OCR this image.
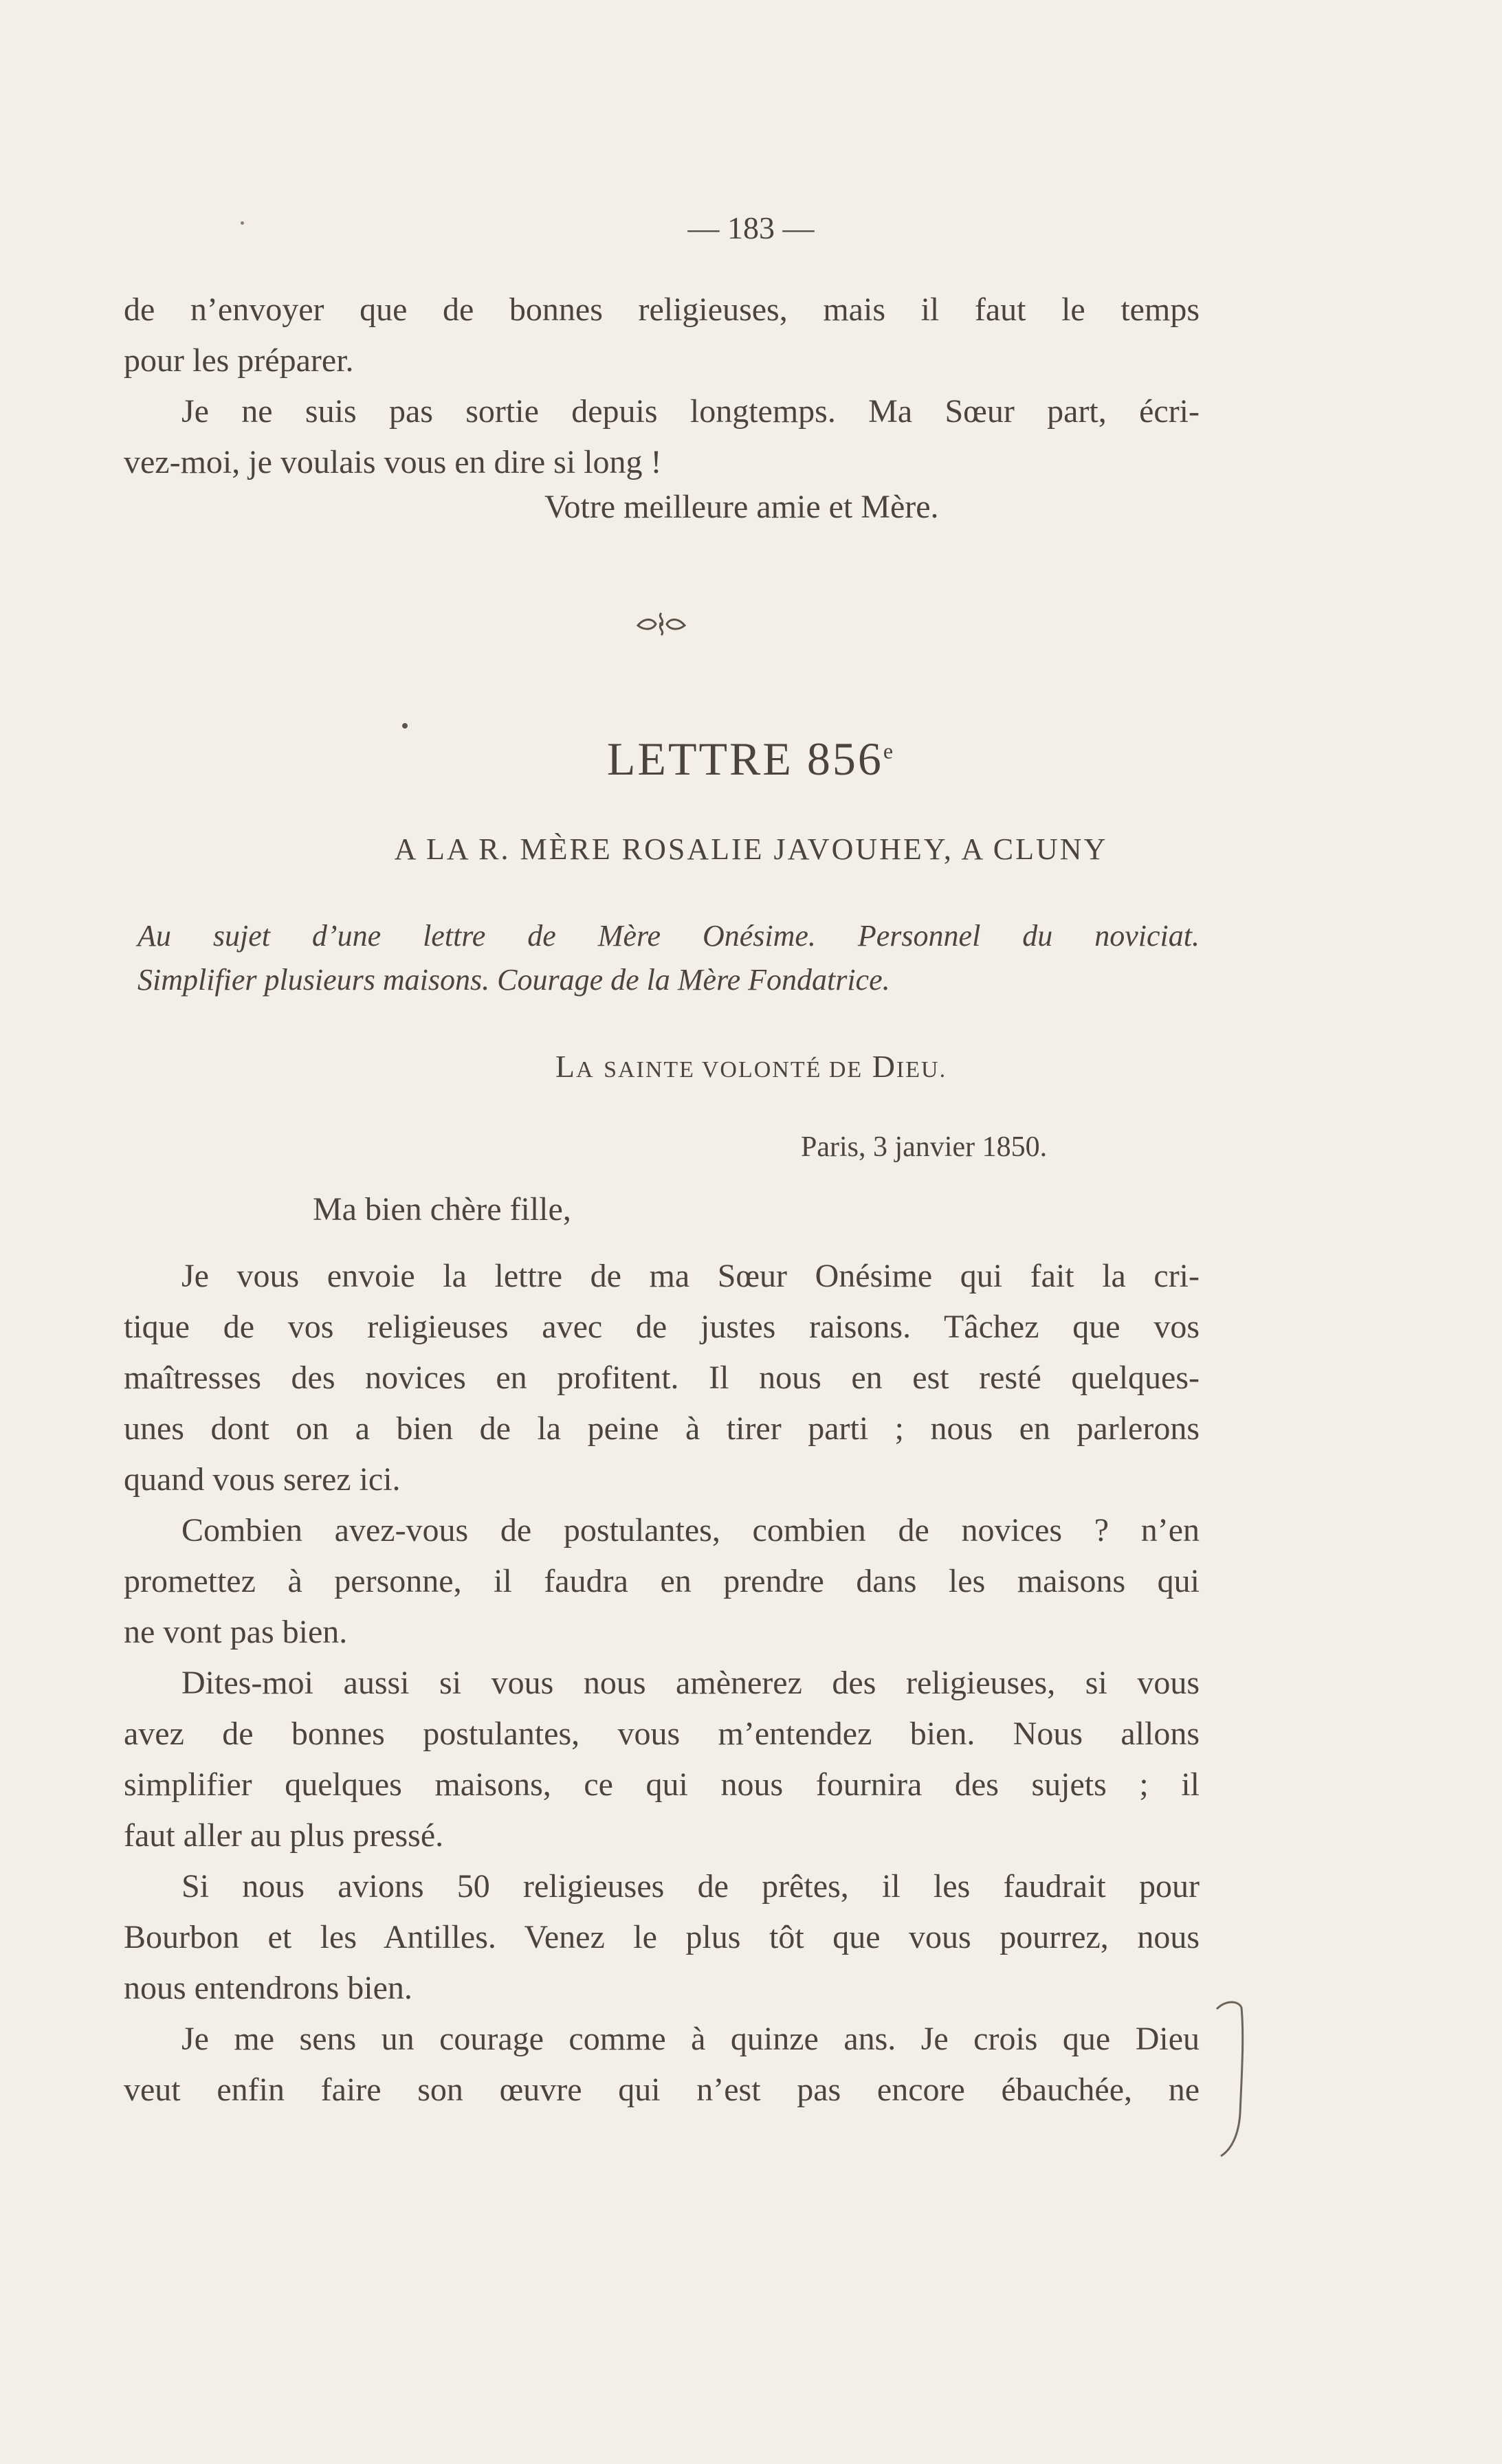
— 183 —
de n’envoyer que de bonnes religieuses, mais il faut le temps
pour les préparer.
Je ne suis pas sortie depuis longtemps. Ma Sœur part, écri-
vez-moi, je voulais vous en dire si long !
Votre meilleure amie et Mère.
LETTRE 856e
A LA R. MÈRE ROSALIE JAVOUHEY, A CLUNY
Au sujet d’une lettre de Mère Onésime. Personnel du noviciat.
Simplifier plusieurs maisons. Courage de la Mère Fondatrice.
LA SAINTE VOLONTÉ DE DIEU.
Paris, 3 janvier 1850.
Ma bien chère fille,
Je vous envoie la lettre de ma Sœur Onésime qui fait la cri-
tique de vos religieuses avec de justes raisons. Tâchez que vos
maîtresses des novices en profitent. Il nous en est resté quelques-
unes dont on a bien de la peine à tirer parti ; nous en parlerons
quand vous serez ici.
Combien avez-vous de postulantes, combien de novices ? n’en
promettez à personne, il faudra en prendre dans les maisons qui
ne vont pas bien.
Dites-moi aussi si vous nous amènerez des religieuses, si vous
avez de bonnes postulantes, vous m’entendez bien. Nous allons
simplifier quelques maisons, ce qui nous fournira des sujets ; il
faut aller au plus pressé.
Si nous avions 50 religieuses de prêtes, il les faudrait pour
Bourbon et les Antilles. Venez le plus tôt que vous pourrez, nous
nous entendrons bien.
Je me sens un courage comme à quinze ans. Je crois que Dieu
veut enfin faire son œuvre qui n’est pas encore ébauchée, ne
